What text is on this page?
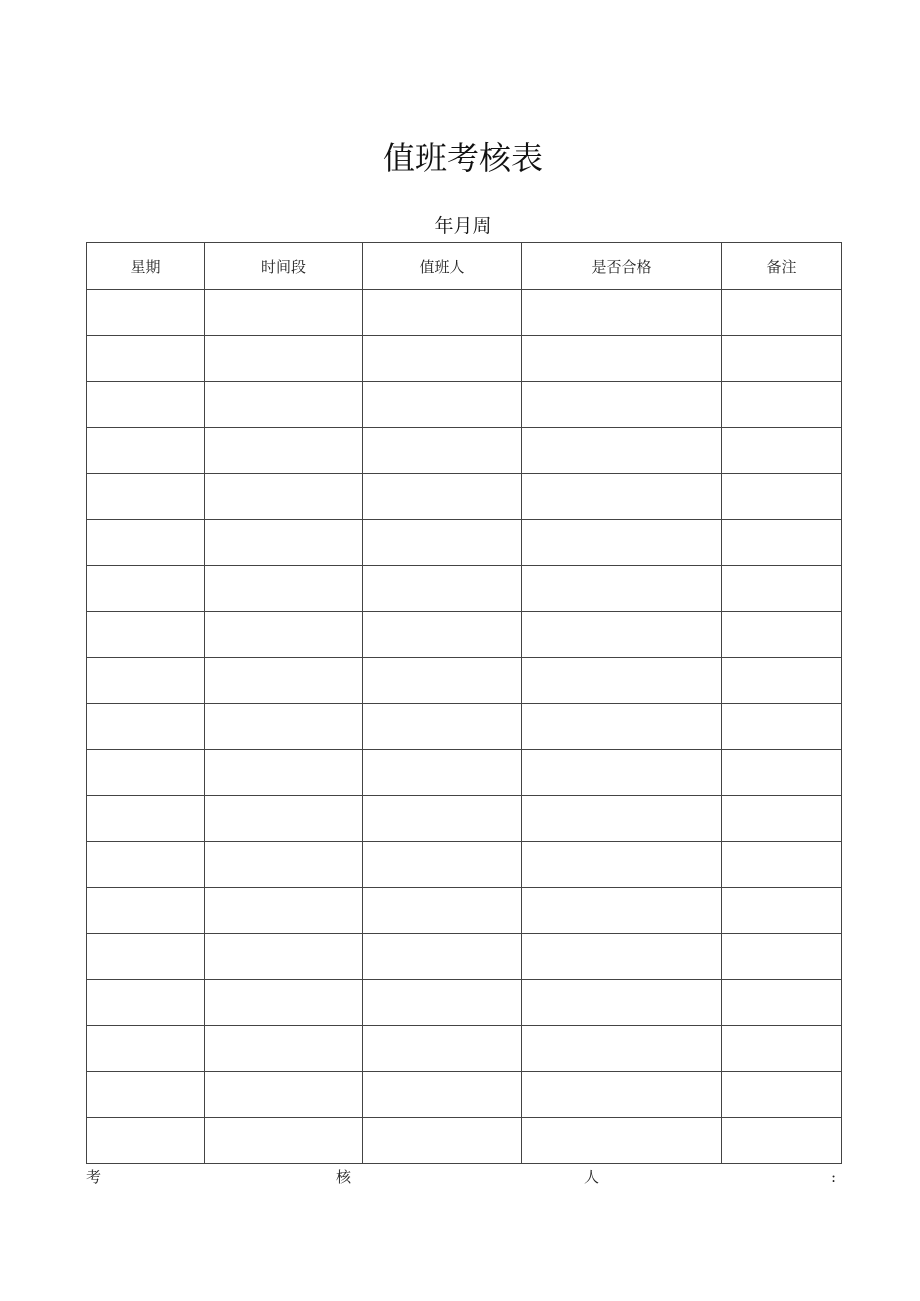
值班考核表
年月周
星期	时间段	值班人	是否合格	备注

考	核	人	:
